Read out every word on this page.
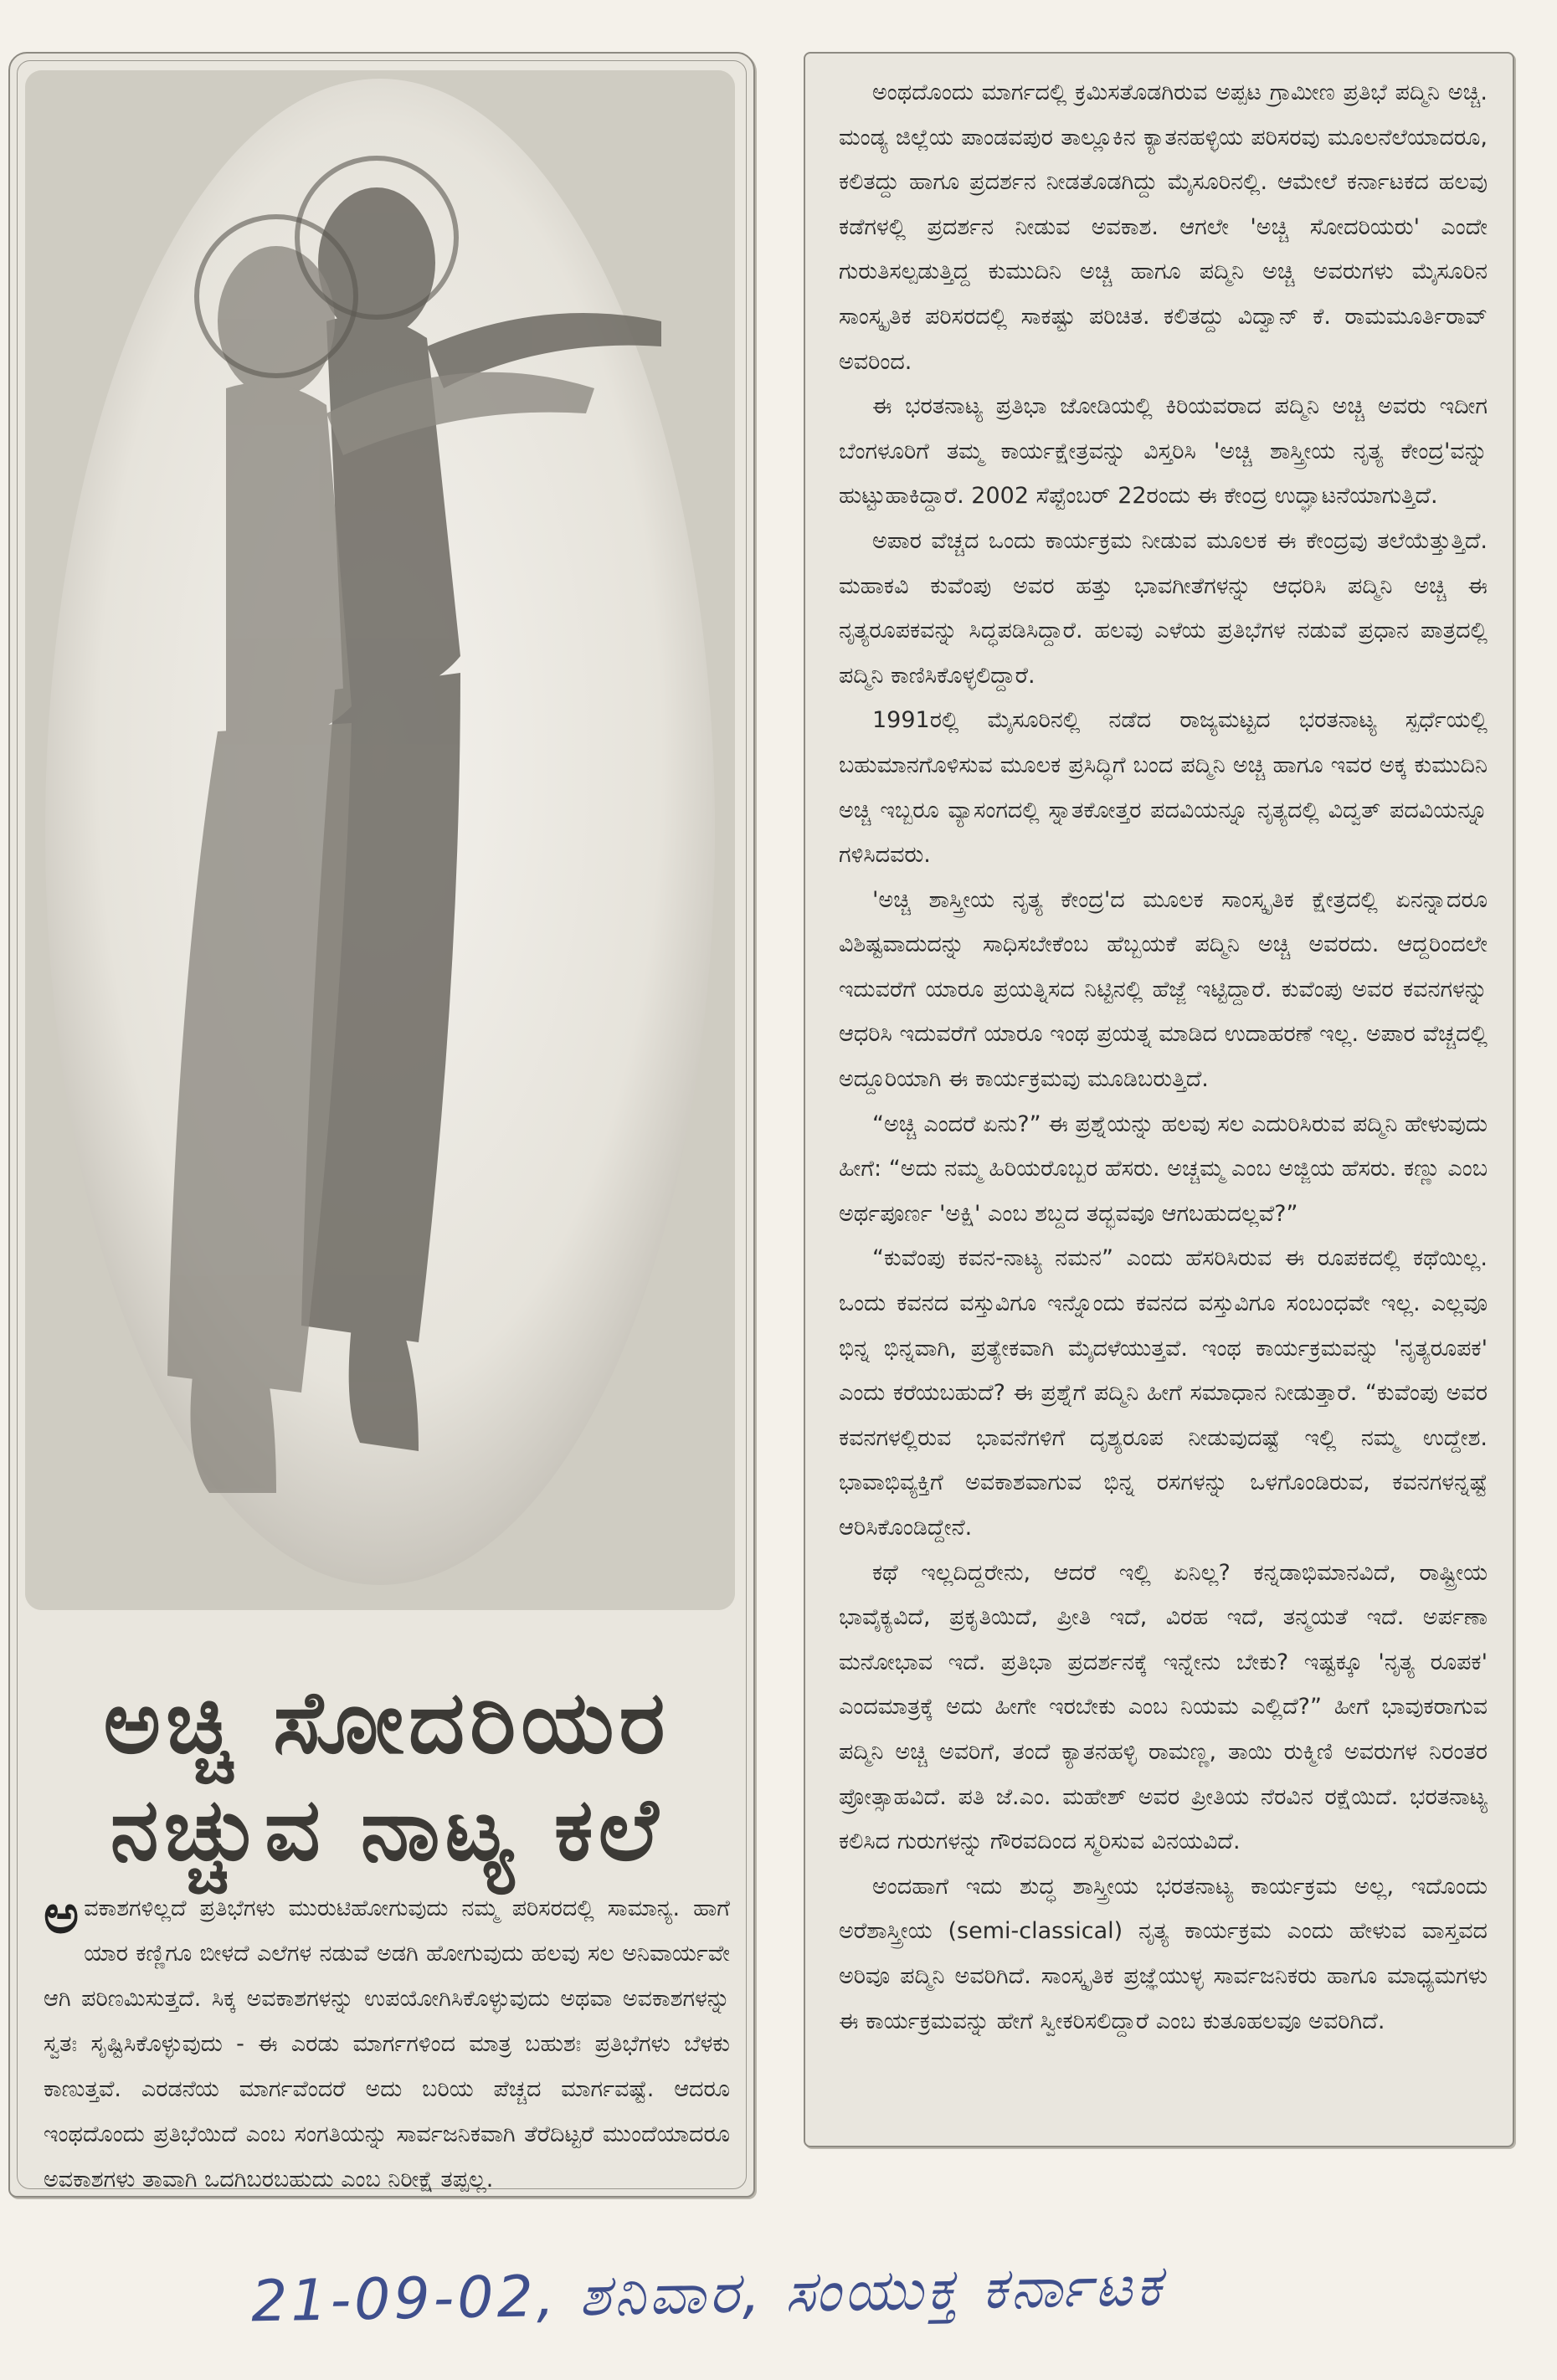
ಅಚ್ಚಿ ಸೋದರಿಯರ
ನಚ್ಚುವ ನಾಟ್ಯ ಕಲೆ
ಅ ವಕಾಶಗಳಿಲ್ಲದೆ ಪ್ರತಿಭೆಗಳು ಮುರುಟಿಹೋಗುವುದು ನಮ್ಮ ಪರಿಸರದಲ್ಲಿ ಸಾಮಾನ್ಯ. ಹಾಗೆ ಯಾರ ಕಣ್ಣಿಗೂ ಬೀಳದೆ ಎಲೆಗಳ ನಡುವೆ ಅಡಗಿ ಹೋಗುವುದು ಹಲವು ಸಲ ಅನಿವಾರ್ಯವೇ ಆಗಿ ಪರಿಣಮಿಸುತ್ತದೆ. ಸಿಕ್ಕ ಅವಕಾಶಗಳನ್ನು ಉಪಯೋಗಿಸಿಕೊಳ್ಳುವುದು ಅಥವಾ ಅವಕಾಶಗಳನ್ನು ಸ್ವತಃ ಸೃಷ್ಟಿಸಿಕೊಳ್ಳುವುದು - ಈ ಎರಡು ಮಾರ್ಗಗಳಿಂದ ಮಾತ್ರ ಬಹುಶಃ ಪ್ರತಿಭೆಗಳು ಬೆಳಕು ಕಾಣುತ್ತವೆ. ಎರಡನೆಯ ಮಾರ್ಗವೆಂದರೆ ಅದು ಬರಿಯ ಪೆಚ್ಚದ ಮಾರ್ಗವಷ್ಟೆ. ಆದರೂ ಇಂಥದೊಂದು ಪ್ರತಿಭೆಯಿದೆ ಎಂಬ ಸಂಗತಿಯನ್ನು ಸಾರ್ವಜನಿಕವಾಗಿ ತೆರೆದಿಟ್ಟರೆ ಮುಂದೆಯಾದರೂ ಅವಕಾಶಗಳು ತಾವಾಗಿ ಒದಗಿಬರಬಹುದು ಎಂಬ ನಿರೀಕ್ಷೆ ತಪ್ಪಲ್ಲ.

ಅಂಥದೊಂದು ಮಾರ್ಗದಲ್ಲಿ ಕ್ರಮಿಸತೊಡಗಿರುವ ಅಪ್ಪಟ ಗ್ರಾಮೀಣ ಪ್ರತಿಭೆ ಪದ್ಮಿನಿ ಅಚ್ಚಿ. ಮಂಡ್ಯ ಜಿಲ್ಲೆಯ ಪಾಂಡವಪುರ ತಾಲ್ಲೂಕಿನ ಕ್ಯಾತನಹಳ್ಳಿಯ ಪರಿಸರವು ಮೂಲನೆಲೆಯಾದರೂ, ಕಲಿತದ್ದು ಹಾಗೂ ಪ್ರದರ್ಶನ ನೀಡತೊಡಗಿದ್ದು ಮೈಸೂರಿನಲ್ಲಿ. ಆಮೇಲೆ ಕರ್ನಾಟಕದ ಹಲವು ಕಡೆಗಳಲ್ಲಿ ಪ್ರದರ್ಶನ ನೀಡುವ ಅವಕಾಶ. ಆಗಲೇ 'ಅಚ್ಚಿ ಸೋದರಿಯರು' ಎಂದೇ ಗುರುತಿಸಲ್ಪಡುತ್ತಿದ್ದ ಕುಮುದಿನಿ ಅಚ್ಚಿ ಹಾಗೂ ಪದ್ಮಿನಿ ಅಚ್ಚಿ ಅವರುಗಳು ಮೈಸೂರಿನ ಸಾಂಸ್ಕೃತಿಕ ಪರಿಸರದಲ್ಲಿ ಸಾಕಷ್ಟು ಪರಿಚಿತ. ಕಲಿತದ್ದು ವಿದ್ವಾನ್ ಕೆ. ರಾಮಮೂರ್ತಿರಾವ್ ಅವರಿಂದ.

ಈ ಭರತನಾಟ್ಯ ಪ್ರತಿಭಾ ಜೋಡಿಯಲ್ಲಿ ಕಿರಿಯವರಾದ ಪದ್ಮಿನಿ ಅಚ್ಚಿ ಅವರು ಇದೀಗ ಬೆಂಗಳೂರಿಗೆ ತಮ್ಮ ಕಾರ್ಯಕ್ಷೇತ್ರವನ್ನು ವಿಸ್ತರಿಸಿ 'ಅಚ್ಚಿ ಶಾಸ್ತ್ರೀಯ ನೃತ್ಯ ಕೇಂದ್ರ'ವನ್ನು ಹುಟ್ಟುಹಾಕಿದ್ದಾರೆ. 2002 ಸೆಪ್ಟೆಂಬರ್ 22ರಂದು ಈ ಕೇಂದ್ರ ಉದ್ಘಾಟನೆಯಾಗುತ್ತಿದೆ.

ಅಪಾರ ವೆಚ್ಚದ ಒಂದು ಕಾರ್ಯಕ್ರಮ ನೀಡುವ ಮೂಲಕ ಈ ಕೇಂದ್ರವು ತಲೆಯೆತ್ತುತ್ತಿದೆ. ಮಹಾಕವಿ ಕುವೆಂಪು ಅವರ ಹತ್ತು ಭಾವಗೀತೆಗಳನ್ನು ಆಧರಿಸಿ ಪದ್ಮಿನಿ ಅಚ್ಚಿ ಈ ನೃತ್ಯರೂಪಕವನ್ನು ಸಿದ್ಧಪಡಿಸಿದ್ದಾರೆ. ಹಲವು ಎಳೆಯ ಪ್ರತಿಭೆಗಳ ನಡುವೆ ಪ್ರಧಾನ ಪಾತ್ರದಲ್ಲಿ ಪದ್ಮಿನಿ ಕಾಣಿಸಿಕೊಳ್ಳಲಿದ್ದಾರೆ.

1991ರಲ್ಲಿ ಮೈಸೂರಿನಲ್ಲಿ ನಡೆದ ರಾಜ್ಯಮಟ್ಟದ ಭರತನಾಟ್ಯ ಸ್ಪರ್ಧೆಯಲ್ಲಿ ಬಹುಮಾನಗೊಳಿಸುವ ಮೂಲಕ ಪ್ರಸಿದ್ಧಿಗೆ ಬಂದ ಪದ್ಮಿನಿ ಅಚ್ಚಿ ಹಾಗೂ ಇವರ ಅಕ್ಕ ಕುಮುದಿನಿ ಅಚ್ಚಿ ಇಬ್ಬರೂ ವ್ಯಾಸಂಗದಲ್ಲಿ ಸ್ನಾತಕೋತ್ತರ ಪದವಿಯನ್ನೂ ನೃತ್ಯದಲ್ಲಿ ವಿದ್ವತ್ ಪದವಿಯನ್ನೂ ಗಳಿಸಿದವರು.

'ಅಚ್ಚಿ ಶಾಸ್ತ್ರೀಯ ನೃತ್ಯ ಕೇಂದ್ರ'ದ ಮೂಲಕ ಸಾಂಸ್ಕೃತಿಕ ಕ್ಷೇತ್ರದಲ್ಲಿ ಏನನ್ನಾದರೂ ವಿಶಿಷ್ಟವಾದುದನ್ನು ಸಾಧಿಸಬೇಕೆಂಬ ಹೆಬ್ಬಯಕೆ ಪದ್ಮಿನಿ ಅಚ್ಚಿ ಅವರದು. ಆದ್ದರಿಂದಲೇ ಇದುವರೆಗೆ ಯಾರೂ ಪ್ರಯತ್ನಿಸದ ನಿಟ್ಟಿನಲ್ಲಿ ಹೆಜ್ಜೆ ಇಟ್ಟಿದ್ದಾರೆ. ಕುವೆಂಪು ಅವರ ಕವನಗಳನ್ನು ಆಧರಿಸಿ ಇದುವರೆಗೆ ಯಾರೂ ಇಂಥ ಪ್ರಯತ್ನ ಮಾಡಿದ ಉದಾಹರಣೆ ಇಲ್ಲ. ಅಪಾರ ವೆಚ್ಚದಲ್ಲಿ ಅದ್ದೂರಿಯಾಗಿ ಈ ಕಾರ್ಯಕ್ರಮವು ಮೂಡಿಬರುತ್ತಿದೆ.

“ಅಚ್ಚಿ ಎಂದರೆ ಏನು?” ಈ ಪ್ರಶ್ನೆಯನ್ನು ಹಲವು ಸಲ ಎದುರಿಸಿರುವ ಪದ್ಮಿನಿ ಹೇಳುವುದು ಹೀಗೆ: “ಅದು ನಮ್ಮ ಹಿರಿಯರೊಬ್ಬರ ಹೆಸರು. ಅಚ್ಚಮ್ಮ ಎಂಬ ಅಜ್ಜಿಯ ಹೆಸರು. ಕಣ್ಣು ಎಂಬ ಅರ್ಥಪೂರ್ಣ 'ಅಕ್ಷಿ' ಎಂಬ ಶಬ್ದದ ತದ್ಭವವೂ ಆಗಬಹುದಲ್ಲವೆ?”

“ಕುವೆಂಪು ಕವನ-ನಾಟ್ಯ ನಮನ” ಎಂದು ಹೆಸರಿಸಿರುವ ಈ ರೂಪಕದಲ್ಲಿ ಕಥೆಯಿಲ್ಲ. ಒಂದು ಕವನದ ವಸ್ತುವಿಗೂ ಇನ್ನೊಂದು ಕವನದ ವಸ್ತುವಿಗೂ ಸಂಬಂಧವೇ ಇಲ್ಲ. ಎಲ್ಲವೂ ಭಿನ್ನ ಭಿನ್ನವಾಗಿ, ಪ್ರತ್ಯೇಕವಾಗಿ ಮೈದಳೆಯುತ್ತವೆ. ಇಂಥ ಕಾರ್ಯಕ್ರಮವನ್ನು 'ನೃತ್ಯರೂಪಕ' ಎಂದು ಕರೆಯಬಹುದೆ? ಈ ಪ್ರಶ್ನೆಗೆ ಪದ್ಮಿನಿ ಹೀಗೆ ಸಮಾಧಾನ ನೀಡುತ್ತಾರೆ. “ಕುವೆಂಪು ಅವರ ಕವನಗಳಲ್ಲಿರುವ ಭಾವನೆಗಳಿಗೆ ದೃಶ್ಯರೂಪ ನೀಡುವುದಷ್ಟೆ ಇಲ್ಲಿ ನಮ್ಮ ಉದ್ದೇಶ. ಭಾವಾಭಿವ್ಯಕ್ತಿಗೆ ಅವಕಾಶವಾಗುವ ಭಿನ್ನ ರಸಗಳನ್ನು ಒಳಗೊಂಡಿರುವ, ಕವನಗಳನ್ನಷ್ಟೆ ಆರಿಸಿಕೊಂಡಿದ್ದೇನೆ.

ಕಥೆ ಇಲ್ಲದಿದ್ದರೇನು, ಆದರೆ ಇಲ್ಲಿ ಏನಿಲ್ಲ? ಕನ್ನಡಾಭಿಮಾನವಿದೆ, ರಾಷ್ಟ್ರೀಯ ಭಾವೈಕ್ಯವಿದೆ, ಪ್ರಕೃತಿಯಿದೆ, ಪ್ರೀತಿ ಇದೆ, ವಿರಹ ಇದೆ, ತನ್ಮಯತೆ ಇದೆ. ಅರ್ಪಣಾ ಮನೋಭಾವ ಇದೆ. ಪ್ರತಿಭಾ ಪ್ರದರ್ಶನಕ್ಕೆ ಇನ್ನೇನು ಬೇಕು? ಇಷ್ಟಕ್ಕೂ 'ನೃತ್ಯ ರೂಪಕ' ಎಂದಮಾತ್ರಕ್ಕೆ ಅದು ಹೀಗೇ ಇರಬೇಕು ಎಂಬ ನಿಯಮ ಎಲ್ಲಿದೆ?” ಹೀಗೆ ಭಾವುಕರಾಗುವ ಪದ್ಮಿನಿ ಅಚ್ಚಿ ಅವರಿಗೆ, ತಂದೆ ಕ್ಯಾತನಹಳ್ಳಿ ರಾಮಣ್ಣ, ತಾಯಿ ರುಕ್ಮಿಣಿ ಅವರುಗಳ ನಿರಂತರ ಪ್ರೋತ್ಸಾಹವಿದೆ. ಪತಿ ಜೆ.ಎಂ. ಮಹೇಶ್ ಅವರ ಪ್ರೀತಿಯ ನೆರವಿನ ರಕ್ಷೆಯಿದೆ. ಭರತನಾಟ್ಯ ಕಲಿಸಿದ ಗುರುಗಳನ್ನು ಗೌರವದಿಂದ ಸ್ಮರಿಸುವ ವಿನಯವಿದೆ.

ಅಂದಹಾಗೆ ಇದು ಶುದ್ಧ ಶಾಸ್ತ್ರೀಯ ಭರತನಾಟ್ಯ ಕಾರ್ಯಕ್ರಮ ಅಲ್ಲ, ಇದೊಂದು ಅರೆಶಾಸ್ತ್ರೀಯ (semi-classical) ನೃತ್ಯ ಕಾರ್ಯಕ್ರಮ ಎಂದು ಹೇಳುವ ವಾಸ್ತವದ ಅರಿವೂ ಪದ್ಮಿನಿ ಅವರಿಗಿದೆ. ಸಾಂಸ್ಕೃತಿಕ ಪ್ರಜ್ಞೆಯುಳ್ಳ ಸಾರ್ವಜನಿಕರು ಹಾಗೂ ಮಾಧ್ಯಮಗಳು ಈ ಕಾರ್ಯಕ್ರಮವನ್ನು ಹೇಗೆ ಸ್ವೀಕರಿಸಲಿದ್ದಾರೆ ಎಂಬ ಕುತೂಹಲವೂ ಅವರಿಗಿದೆ.

21-09-02, ಶನಿವಾರ, ಸಂಯುಕ್ತ ಕರ್ನಾಟಕ
